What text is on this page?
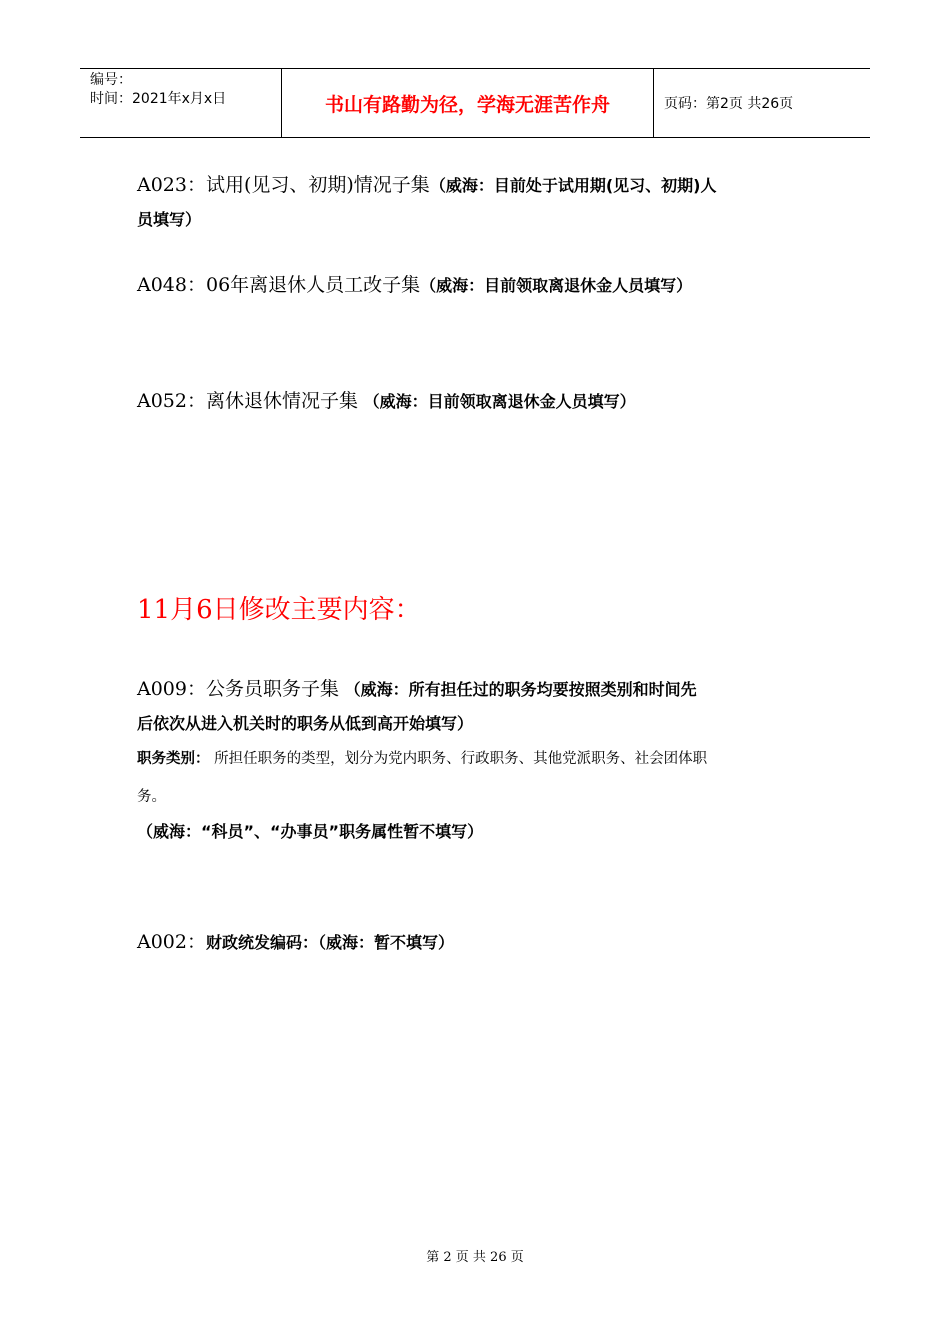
编号：
时间：2021年x月x日	书山有路勤为径，学海无涯苦作舟	页码：第2页 共26页
A023：试用(见习、初期)情况子集（威海：目前处于试用期(见习、初期)人
员填写）
A048：06年离退休人员工改子集（威海：目前领取离退休金人员填写）
A052：离休退休情况子集 （威海：目前领取离退休金人员填写）
11月6日修改主要内容：
A009：公务员职务子集 （威海：所有担任过的职务均要按照类别和时间先
后依次从进入机关时的职务从低到高开始填写）
职务类别： 所担任职务的类型，划分为党内职务、行政职务、其他党派职务、社会团体职
务。
（威海：“科员”、“办事员”职务属性暂不填写）
A002：财政统发编码：（威海：暂不填写）
第 2 页 共 26 页
